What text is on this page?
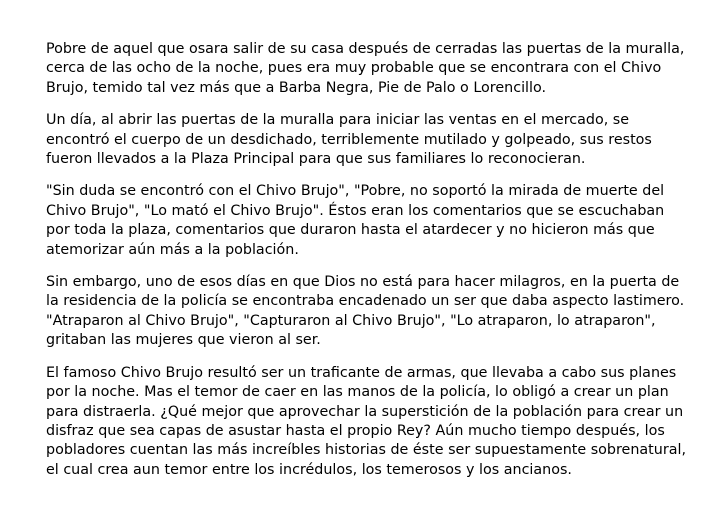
Pobre de aquel que osara salir de su casa después de cerradas las puertas de la muralla,
cerca de las ocho de la noche, pues era muy probable que se encontrara con el Chivo
Brujo, temido tal vez más que a Barba Negra, Pie de Palo o Lorencillo.

Un día, al abrir las puertas de la muralla para iniciar las ventas en el mercado, se
encontró el cuerpo de un desdichado, terriblemente mutilado y golpeado, sus restos
fueron llevados a la Plaza Principal para que sus familiares lo reconocieran.

"Sin duda se encontró con el Chivo Brujo", "Pobre, no soportó la mirada de muerte del
Chivo Brujo", "Lo mató el Chivo Brujo". Éstos eran los comentarios que se escuchaban
por toda la plaza, comentarios que duraron hasta el atardecer y no hicieron más que
atemorizar aún más a la población.

Sin embargo, uno de esos días en que Dios no está para hacer milagros, en la puerta de
la residencia de la policía se encontraba encadenado un ser que daba aspecto lastimero.
"Atraparon al Chivo Brujo", "Capturaron al Chivo Brujo", "Lo atraparon, lo atraparon",
gritaban las mujeres que vieron al ser.

El famoso Chivo Brujo resultó ser un traficante de armas, que llevaba a cabo sus planes
por la noche. Mas el temor de caer en las manos de la policía, lo obligó a crear un plan
para distraerla. ¿Qué mejor que aprovechar la superstición de la población para crear un
disfraz que sea capas de asustar hasta el propio Rey? Aún mucho tiempo después, los
pobladores cuentan las más increíbles historias de éste ser supuestamente sobrenatural,
el cual crea aun temor entre los incrédulos, los temerosos y los ancianos.
